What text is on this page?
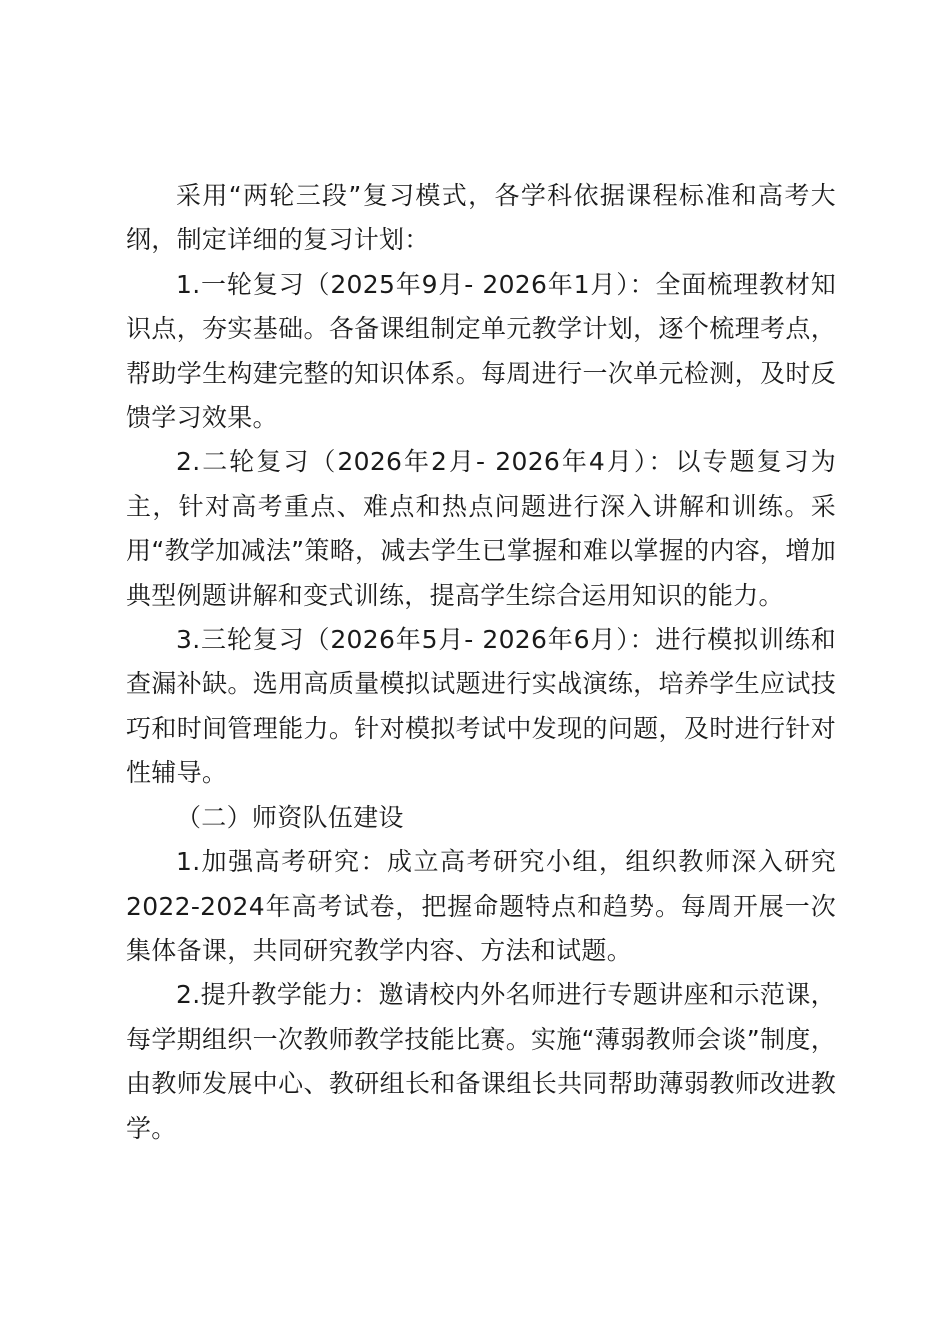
采用“两轮三段”复习模式，各学科依据课程标准和高考大纲，制定详细的复习计划：

1.一轮复习（2025年9月- 2026年1月）：全面梳理教材知识点，夯实基础。各备课组制定单元教学计划，逐个梳理考点，帮助学生构建完整的知识体系。每周进行一次单元检测，及时反馈学习效果。

2.二轮复习（2026年2月- 2026年4月）：以专题复习为主，针对高考重点、难点和热点问题进行深入讲解和训练。采用“教学加减法”策略，减去学生已掌握和难以掌握的内容，增加典型例题讲解和变式训练，提高学生综合运用知识的能力。

3.三轮复习（2026年5月- 2026年6月）：进行模拟训练和查漏补缺。选用高质量模拟试题进行实战演练，培养学生应试技巧和时间管理能力。针对模拟考试中发现的问题，及时进行针对性辅导。

（二）师资队伍建设

1.加强高考研究：成立高考研究小组，组织教师深入研究2022-2024年高考试卷，把握命题特点和趋势。每周开展一次集体备课，共同研究教学内容、方法和试题。

2.提升教学能力：邀请校内外名师进行专题讲座和示范课，每学期组织一次教师教学技能比赛。实施“薄弱教师会谈”制度，由教师发展中心、教研组长和备课组长共同帮助薄弱教师改进教学。
